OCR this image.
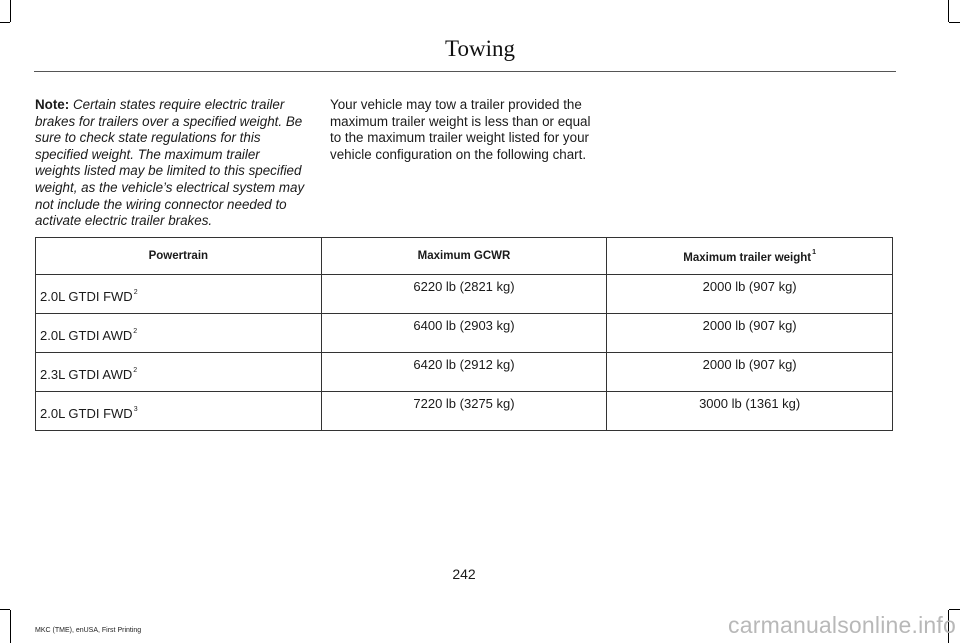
Towing
Note: Certain states require electric trailer brakes for trailers over a specified weight. Be sure to check state regulations for this specified weight. The maximum trailer weights listed may be limited to this specified weight, as the vehicle’s electrical system may not include the wiring connector needed to activate electric trailer brakes.
Your vehicle may tow a trailer provided the maximum trailer weight is less than or equal to the maximum trailer weight listed for your vehicle configuration on the following chart.
Powertrain	Maximum GCWR	Maximum trailer weight$^1$
2.0L GTDI FWD$^2$	6220 lb (2821 kg)	2000 lb (907 kg)
2.0L GTDI AWD$^2$	6400 lb (2903 kg)	2000 lb (907 kg)
2.3L GTDI AWD$^2$	6420 lb (2912 kg)	2000 lb (907 kg)
2.0L GTDI FWD$^3$	7220 lb (3275 kg)	3000 lb (1361 kg)
242
MKC (TME), enUSA, First Printing	carmanualsonline.info
